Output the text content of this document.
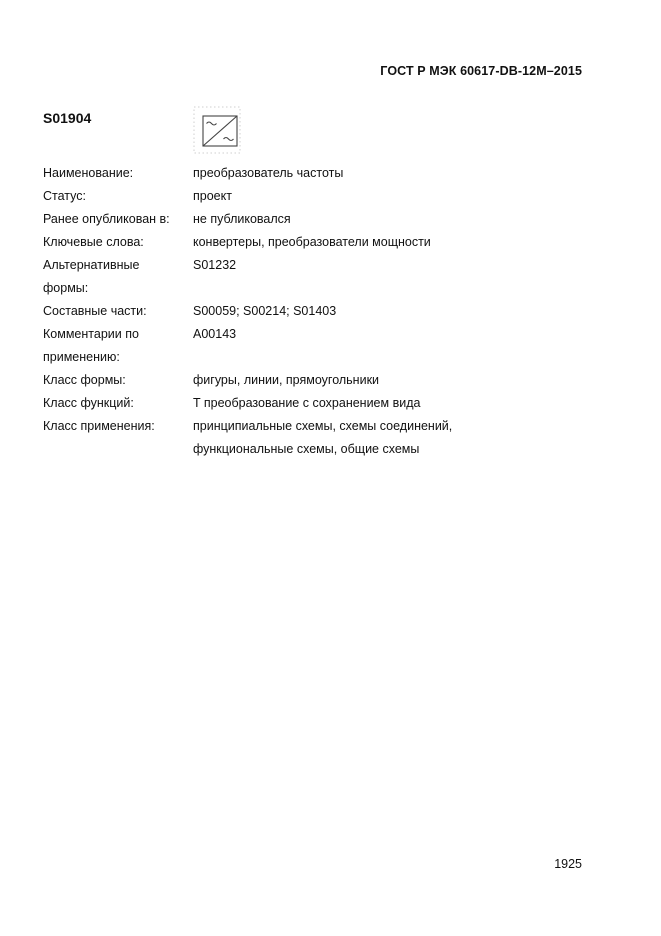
ГОСТ Р МЭК 60617-DB-12M–2015
S01904
Наименование:	преобразователь частоты
Статус:	проект
Ранее опубликован в:	не публиковался
Ключевые слова:	конвертеры, преобразователи мощности
Альтернативные
формы:
S01232
Составные части:	S00059; S00214; S01403
Комментарии по
применению:
A00143
Класс формы:	фигуры, линии, прямоугольники
Класс функций:	T преобразование с сохранением вида
Класс применения:	принципиальные схемы, схемы соединений,
функциональные схемы, общие схемы
1925
